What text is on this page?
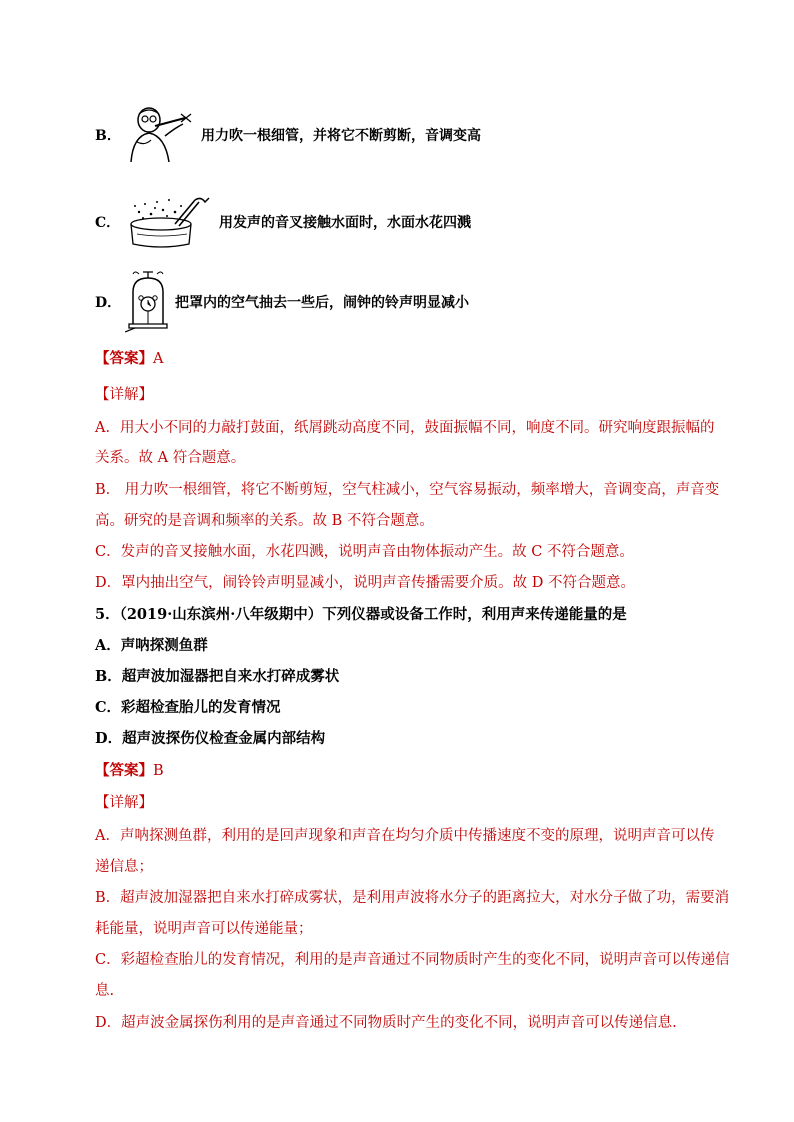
B．	用力吹一根细管，并将它不断剪断，音调变高
C．	用发声的音叉接触水面时，水面水花四溅
D．	把罩内的空气抽去一些后，闹钟的铃声明显减小
【答案】A
【详解】
A．用大小不同的力敲打鼓面，纸屑跳动高度不同，鼓面振幅不同，响度不同。研究响度跟振幅的
关系。故 A 符合题意。
B． 用力吹一根细管，将它不断剪短，空气柱减小，空气容易振动，频率增大，音调变高，声音变
高。研究的是音调和频率的关系。故 B 不符合题意。
C．发声的音叉接触水面，水花四溅，说明声音由物体振动产生。故 C 不符合题意。
D．罩内抽出空气，闹铃铃声明显减小，说明声音传播需要介质。故 D 不符合题意。
5．（2019·山东滨州·八年级期中）下列仪器或设备工作时，利用声来传递能量的是
A．声呐探测鱼群
B．超声波加湿器把自来水打碎成雾状
C．彩超检查胎儿的发育情况
D．超声波探伤仪检查金属内部结构
【答案】B
【详解】
A．声呐探测鱼群，利用的是回声现象和声音在均匀介质中传播速度不变的原理，说明声音可以传
递信息；
B．超声波加湿器把自来水打碎成雾状，是利用声波将水分子的距离拉大，对水分子做了功，需要消
耗能量，说明声音可以传递能量；
C．彩超检查胎儿的发育情况，利用的是声音通过不同物质时产生的变化不同，说明声音可以传递信
息.
D．超声波金属探伤利用的是声音通过不同物质时产生的变化不同，说明声音可以传递信息.
